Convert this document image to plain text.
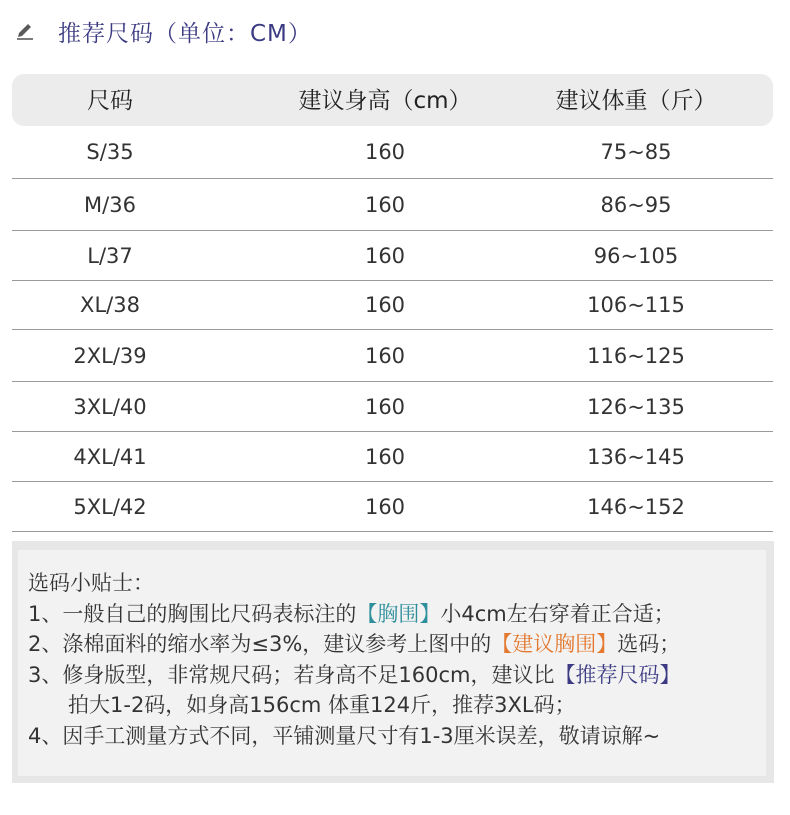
推荐尺码（单位：CM）
尺码	建议身高（cm）	建议体重（斤）
S/35	160	75~85
M/36	160	86~95
L/37	160	96~105
XL/38	160	106~115
2XL/39	160	116~125
3XL/40	160	126~135
4XL/41	160	136~145
5XL/42	160	146~152
选码小贴士：
1、一般自己的胸围比尺码表标注的【胸围】小4cm左右穿着正合适；
2、涤棉面料的缩水率为≤3%，建议参考上图中的【建议胸围】选码；
3、修身版型，非常规尺码；若身高不足160cm，建议比【推荐尺码】
拍大1-2码，如身高156cm 体重124斤，推荐3XL码；
4、因手工测量方式不同，平铺测量尺寸有1-3厘米误差，敬请谅解~
